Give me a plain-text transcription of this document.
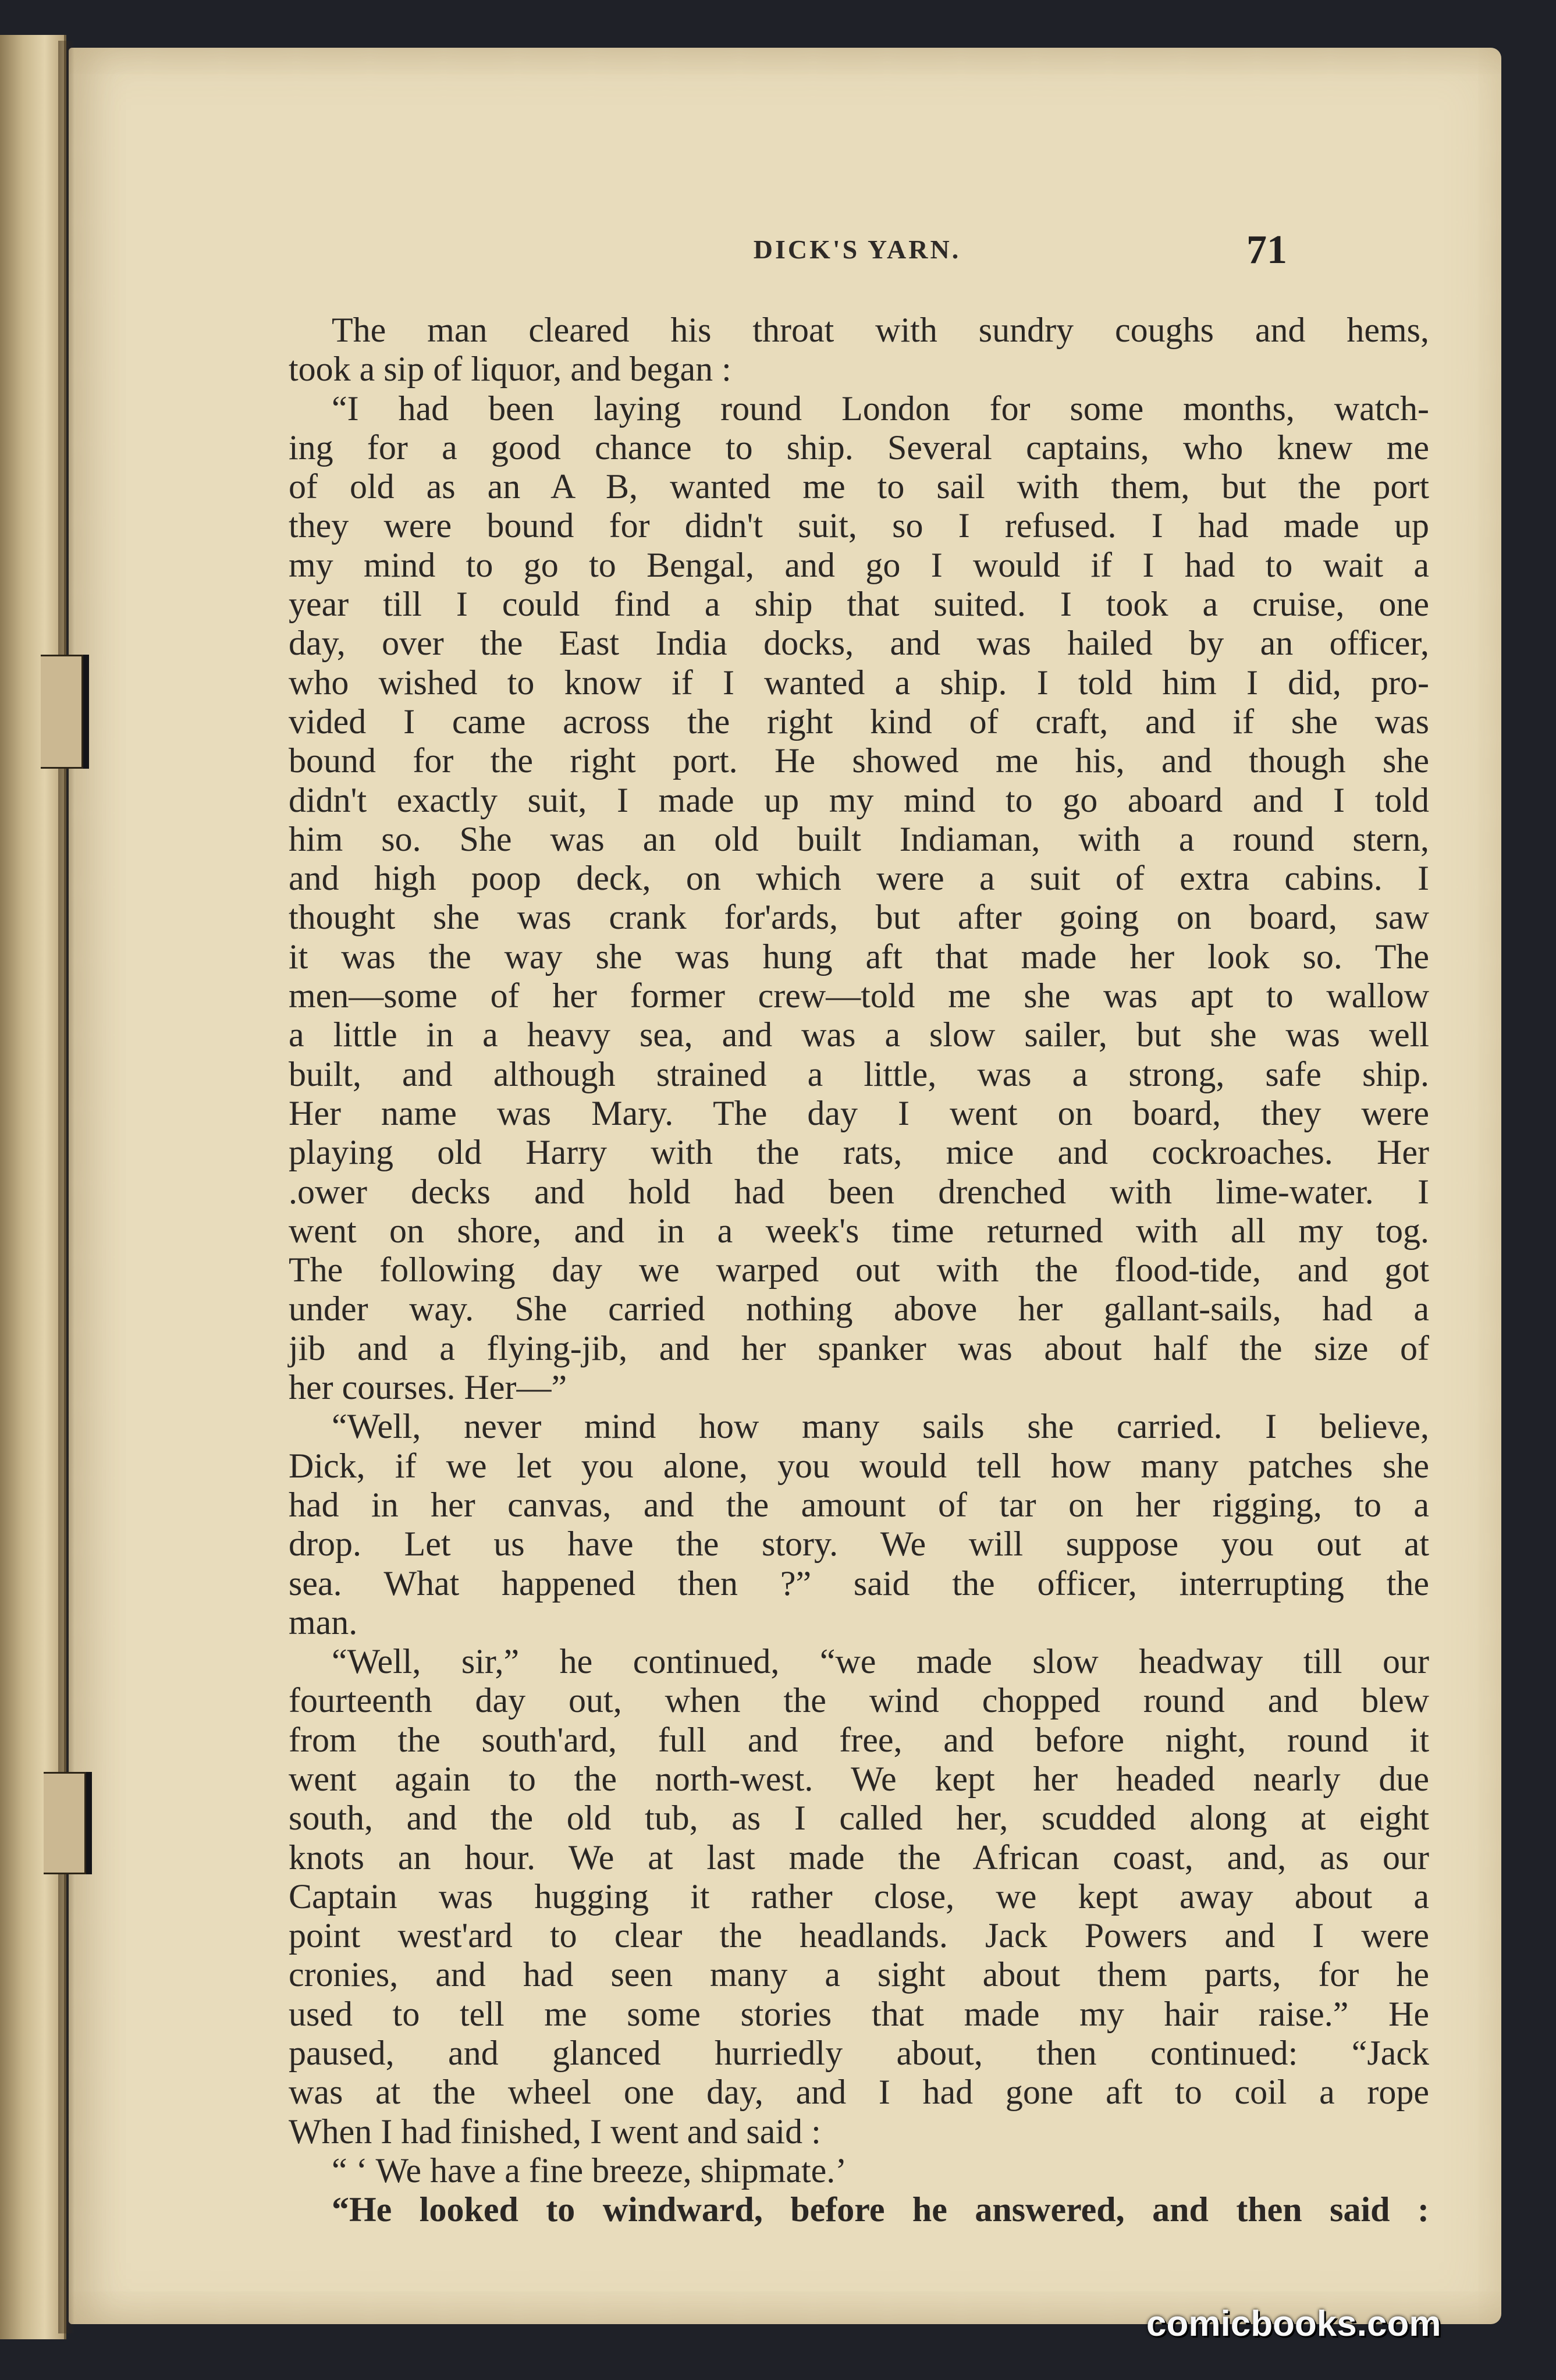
DICK'S YARN.	71
The man cleared his throat with sundry coughs and hems,
took a sip of liquor, and began :
“I had been laying round London for some months, watch-
ing for a good chance to ship. Several captains, who knew me
of old as an A B, wanted me to sail with them, but the port
they were bound for didn't suit, so I refused. I had made up
my mind to go to Bengal, and go I would if I had to wait a
year till I could find a ship that suited. I took a cruise, one
day, over the East India docks, and was hailed by an officer,
who wished to know if I wanted a ship. I told him I did, pro-
vided I came across the right kind of craft, and if she was
bound for the right port. He showed me his, and though she
didn't exactly suit, I made up my mind to go aboard and I told
him so. She was an old built Indiaman, with a round stern,
and high poop deck, on which were a suit of extra cabins. I
thought she was crank for'ards, but after going on board, saw
it was the way she was hung aft that made her look so. The
men—some of her former crew—told me she was apt to wallow
a little in a heavy sea, and was a slow sailer, but she was well
built, and although strained a little, was a strong, safe ship.
Her name was Mary. The day I went on board, they were
playing old Harry with the rats, mice and cockroaches. Her
.ower decks and hold had been drenched with lime-water. I
went on shore, and in a week's time returned with all my tog.
The following day we warped out with the flood-tide, and got
under way. She carried nothing above her gallant-sails, had a
jib and a flying-jib, and her spanker was about half the size of
her courses. Her—”
“Well, never mind how many sails she carried. I believe,
Dick, if we let you alone, you would tell how many patches she
had in her canvas, and the amount of tar on her rigging, to a
drop. Let us have the story. We will suppose you out at
sea. What happened then ?” said the officer, interrupting the
man.
“Well, sir,” he continued, “we made slow headway till our
fourteenth day out, when the wind chopped round and blew
from the south'ard, full and free, and before night, round it
went again to the north-west. We kept her headed nearly due
south, and the old tub, as I called her, scudded along at eight
knots an hour. We at last made the African coast, and, as our
Captain was hugging it rather close, we kept away about a
point west'ard to clear the headlands. Jack Powers and I were
cronies, and had seen many a sight about them parts, for he
used to tell me some stories that made my hair raise.” He
paused, and glanced hurriedly about, then continued: “Jack
was at the wheel one day, and I had gone aft to coil a rope
When I had finished, I went and said :
“ ‘ We have a fine breeze, shipmate.’
“He looked to windward, before he answered, and then said :
comicbooks.com
